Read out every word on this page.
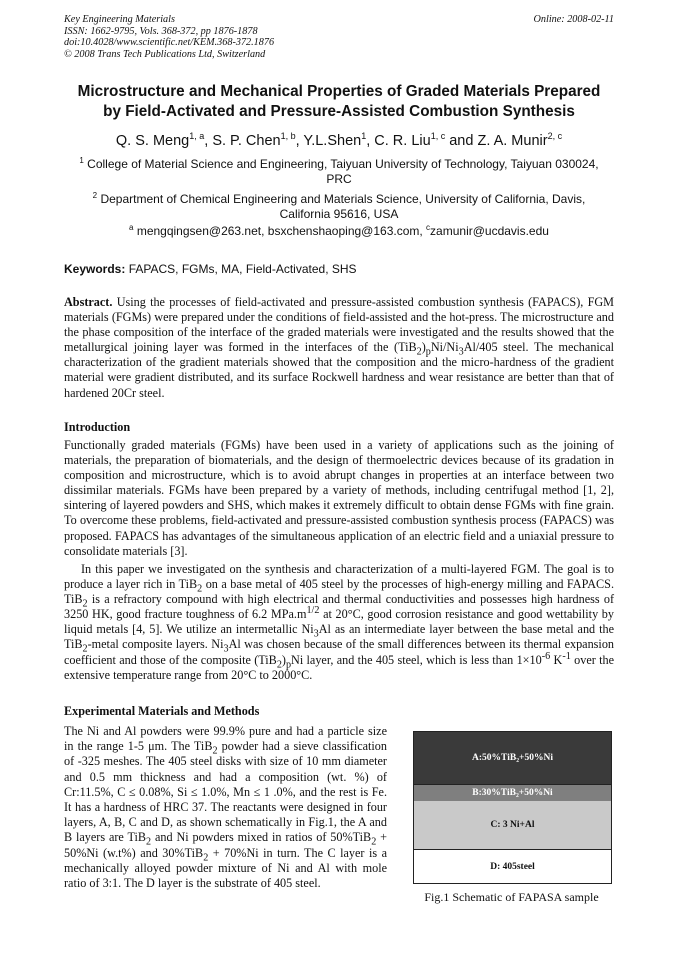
Key Engineering Materials
ISSN: 1662-9795, Vols. 368-372, pp 1876-1878
doi:10.4028/www.scientific.net/KEM.368-372.1876
© 2008 Trans Tech Publications Ltd, Switzerland
Online: 2008-02-11
Microstructure and Mechanical Properties of Graded Materials Prepared
by Field-Activated and Pressure-Assisted Combustion Synthesis
Q. S. Meng$^{1, a}$, S. P. Chen$^{1, b}$, Y.L.Shen$^1$, C. R. Liu$^{1, c}$ and Z. A. Munir$^{2, c}$
$^1$ College of Material Science and Engineering, Taiyuan University of Technology, Taiyuan 030024,
PRC
$^2$ Department of Chemical Engineering and Materials Science, University of California, Davis,
California 95616, USA
$^a$ mengqingsen@263.net, bsxchenshaoping@163.com, $^c$zamunir@ucdavis.edu
Keywords: FAPACS, FGMs, MA, Field-Activated, SHS
Abstract. Using the processes of field-activated and pressure-assisted combustion synthesis (FAPACS), FGM materials (FGMs) were prepared under the conditions of field-assisted and the hot-press. The microstructure and the phase composition of the interface of the graded materials were investigated and the results showed that the metallurgical joining layer was formed in the interfaces of the $(TiB_2)_pNi/Ni_3Al/405$ steel. The mechanical characterization of the gradient materials showed that the composition and the micro-hardness of the gradient material were gradient distributed, and its surface Rockwell hardness and wear resistance are better than that of hardened 20Cr steel.
Introduction
Functionally graded materials (FGMs) have been used in a variety of applications such as the joining of materials, the preparation of biomaterials, and the design of thermoelectric devices because of its gradation in composition and microstructure, which is to avoid abrupt changes in properties at an interface between two dissimilar materials. FGMs have been prepared by a variety of methods, including centrifugal method [1, 2], sintering of layered powders and SHS, which makes it extremely difficult to obtain dense FGMs with fine grain. To overcome these problems, field-activated and pressure-assisted combustion synthesis process (FAPACS) was proposed. FAPACS has advantages of the simultaneous application of an electric field and a uniaxial pressure to consolidate materials [3].
In this paper we investigated on the synthesis and characterization of a multi-layered FGM. The goal is to produce a layer rich in TiB$_2$ on a base metal of 405 steel by the processes of high-energy milling and FAPACS. TiB$_2$ is a refractory compound with high electrical and thermal conductivities and possesses high hardness of 3250 HK, good fracture toughness of 6.2 $MPa.m^{1/2}$ at 20°C, good corrosion resistance and good wettability by liquid metals [4, 5]. We utilize an intermetallic $Ni_3Al$ as an intermediate layer between the base metal and the TiB$_2$-metal composite layers. $Ni_3Al$ was chosen because of the small differences between its thermal expansion coefficient and those of the composite $(TiB_2)_pNi$ layer, and the 405 steel, which is less than $1\times 10^{-6}$ $K^{-1}$ over the extensive temperature range from 20°C to 2000°C.
Experimental Materials and Methods
The Ni and Al powders were 99.9% pure and had a particle size in the range 1-5 μm. The TiB$_2$ powder had a sieve classification of -325 meshes. The 405 steel disks with size of 10 mm diameter and 0.5 mm thickness and had a composition (wt. %) of Cr:11.5%, C ≤ 0.08%, Si ≤ 1.0%, Mn ≤ 1 .0%, and the rest is Fe. It has a hardness of HRC 37. The reactants were designed in four layers, A, B, C and D, as shown schematically in Fig.1, the A and B layers are TiB$_2$ and Ni powders mixed in ratios of 50%TiB$_2$ + 50%Ni (w.t%) and 30%TiB$_2$ + 70%Ni in turn. The C layer is a mechanically alloyed powder mixture of Ni and Al with mole ratio of 3:1. The D layer is the substrate of 405 steel.
A:50%TiB₂+50%Ni
B:30%TiB₂+50%Ni
C: 3 Ni+Al
D: 405steel
Fig.1 Schematic of FAPASA sample
